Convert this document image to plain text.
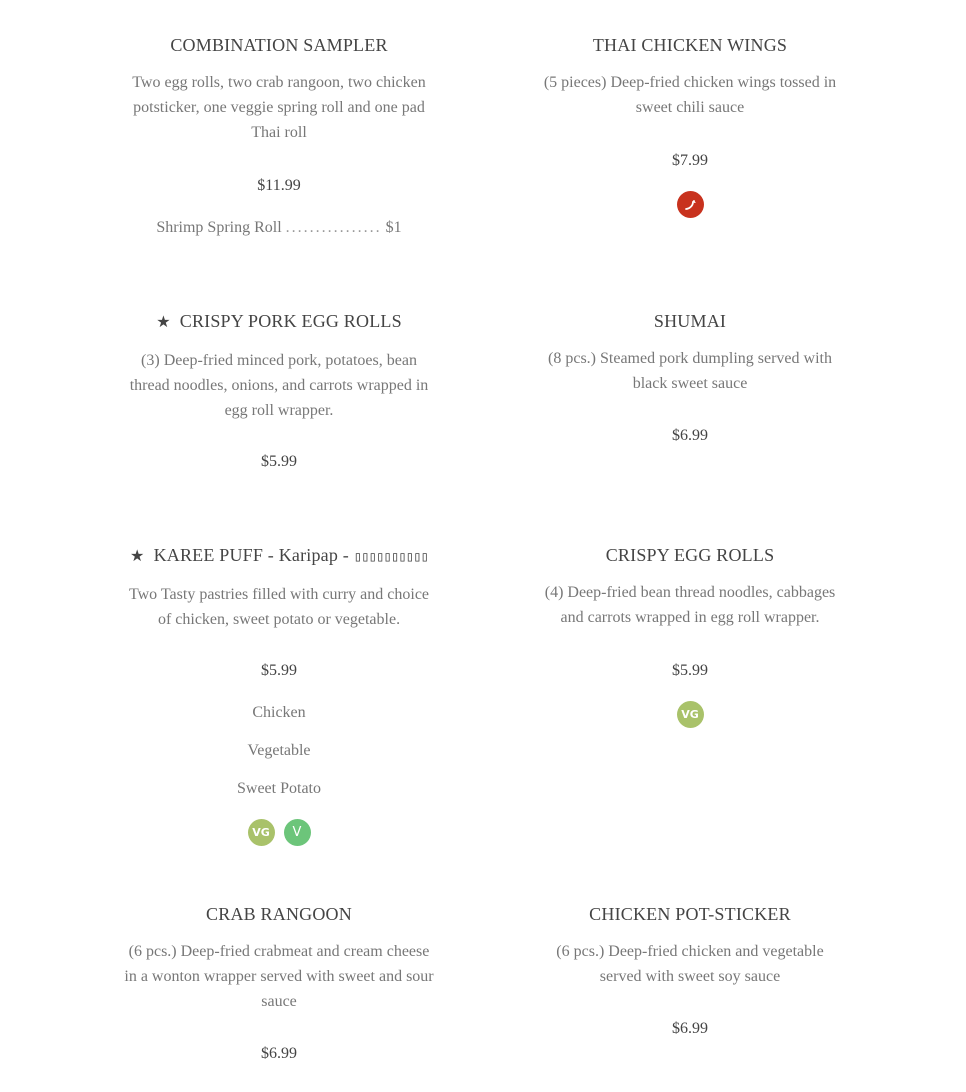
COMBINATION SAMPLER
Two egg rolls, two crab rangoon, two chicken potsticker, one veggie spring roll and one pad Thai roll
$11.99
Shrimp Spring Roll ................ $1
THAI CHICKEN WINGS
(5 pieces) Deep-fried chicken wings tossed in sweet chili sauce
$7.99
★ CRISPY PORK EGG ROLLS
(3) Deep-fried minced pork, potatoes, bean thread noodles, onions, and carrots wrapped in egg roll wrapper.
$5.99
SHUMAI
(8 pcs.) Steamed pork dumpling served with black sweet sauce
$6.99
★ KAREE PUFF - Karipap - ▯▯▯▯▯▯▯▯▯▯
Two Tasty pastries filled with curry and choice of chicken, sweet potato or vegetable.
$5.99
Chicken
Vegetable
Sweet Potato
VG	V
CRISPY EGG ROLLS
(4) Deep-fried bean thread noodles, cabbages and carrots wrapped in egg roll wrapper.
$5.99
VG
CRAB RANGOON
(6 pcs.) Deep-fried crabmeat and cream cheese in a wonton wrapper served with sweet and sour sauce
$6.99
CHICKEN POT-STICKER
(6 pcs.) Deep-fried chicken and vegetable served with sweet soy sauce
$6.99
